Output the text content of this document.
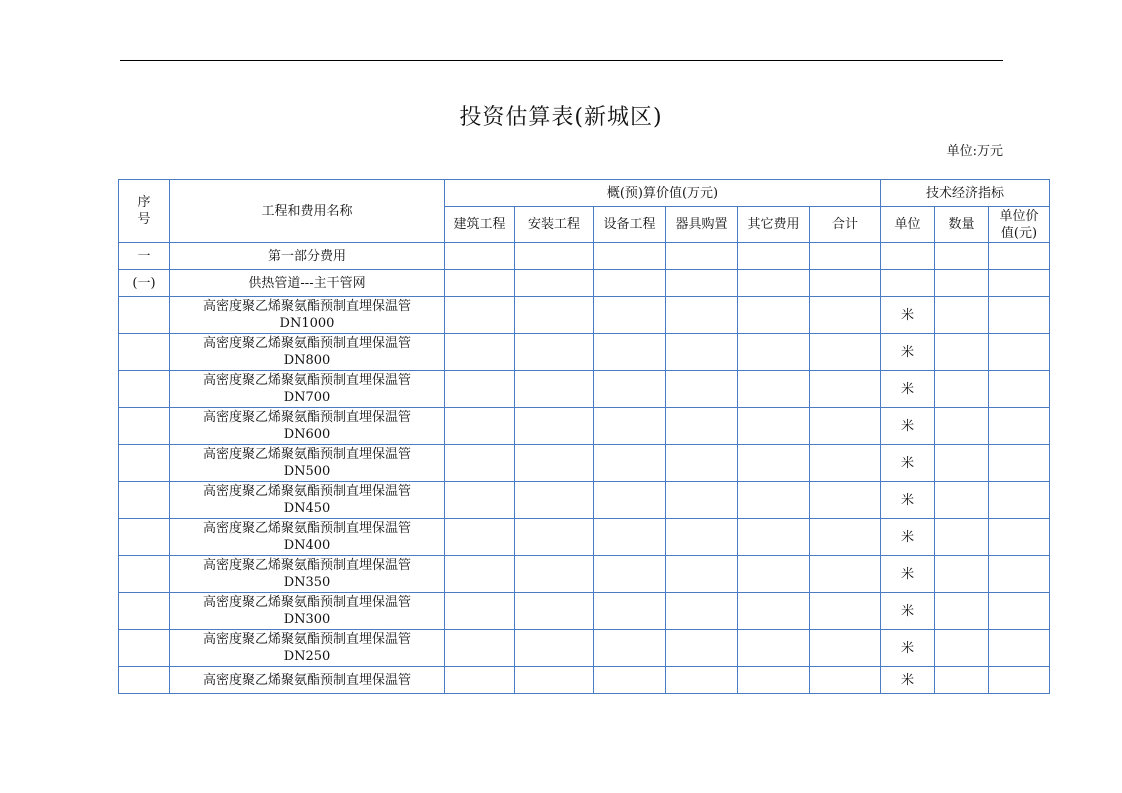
投资估算表(新城区)
单位:万元
序
号	工程和费用名称	概(预)算价值(万元)						技术经济指标		
		建筑工程	安装工程	设备工程	器具购置	其它费用	合计	单位	数量	单位价
值(元)

一	第一部分费用									

(一)	供热管道---主干管网									

	高密度聚乙烯聚氨酯预制直埋保温管
DN1000							米		

	高密度聚乙烯聚氨酯预制直埋保温管
DN800							米		

	高密度聚乙烯聚氨酯预制直埋保温管
DN700							米		

	高密度聚乙烯聚氨酯预制直埋保温管
DN600							米		

	高密度聚乙烯聚氨酯预制直埋保温管
DN500							米		

	高密度聚乙烯聚氨酯预制直埋保温管
DN450							米		

	高密度聚乙烯聚氨酯预制直埋保温管
DN400							米		

	高密度聚乙烯聚氨酯预制直埋保温管
DN350							米		

	高密度聚乙烯聚氨酯预制直埋保温管
DN300							米		

	高密度聚乙烯聚氨酯预制直埋保温管
DN250							米		

	高密度聚乙烯聚氨酯预制直埋保温管							米		
